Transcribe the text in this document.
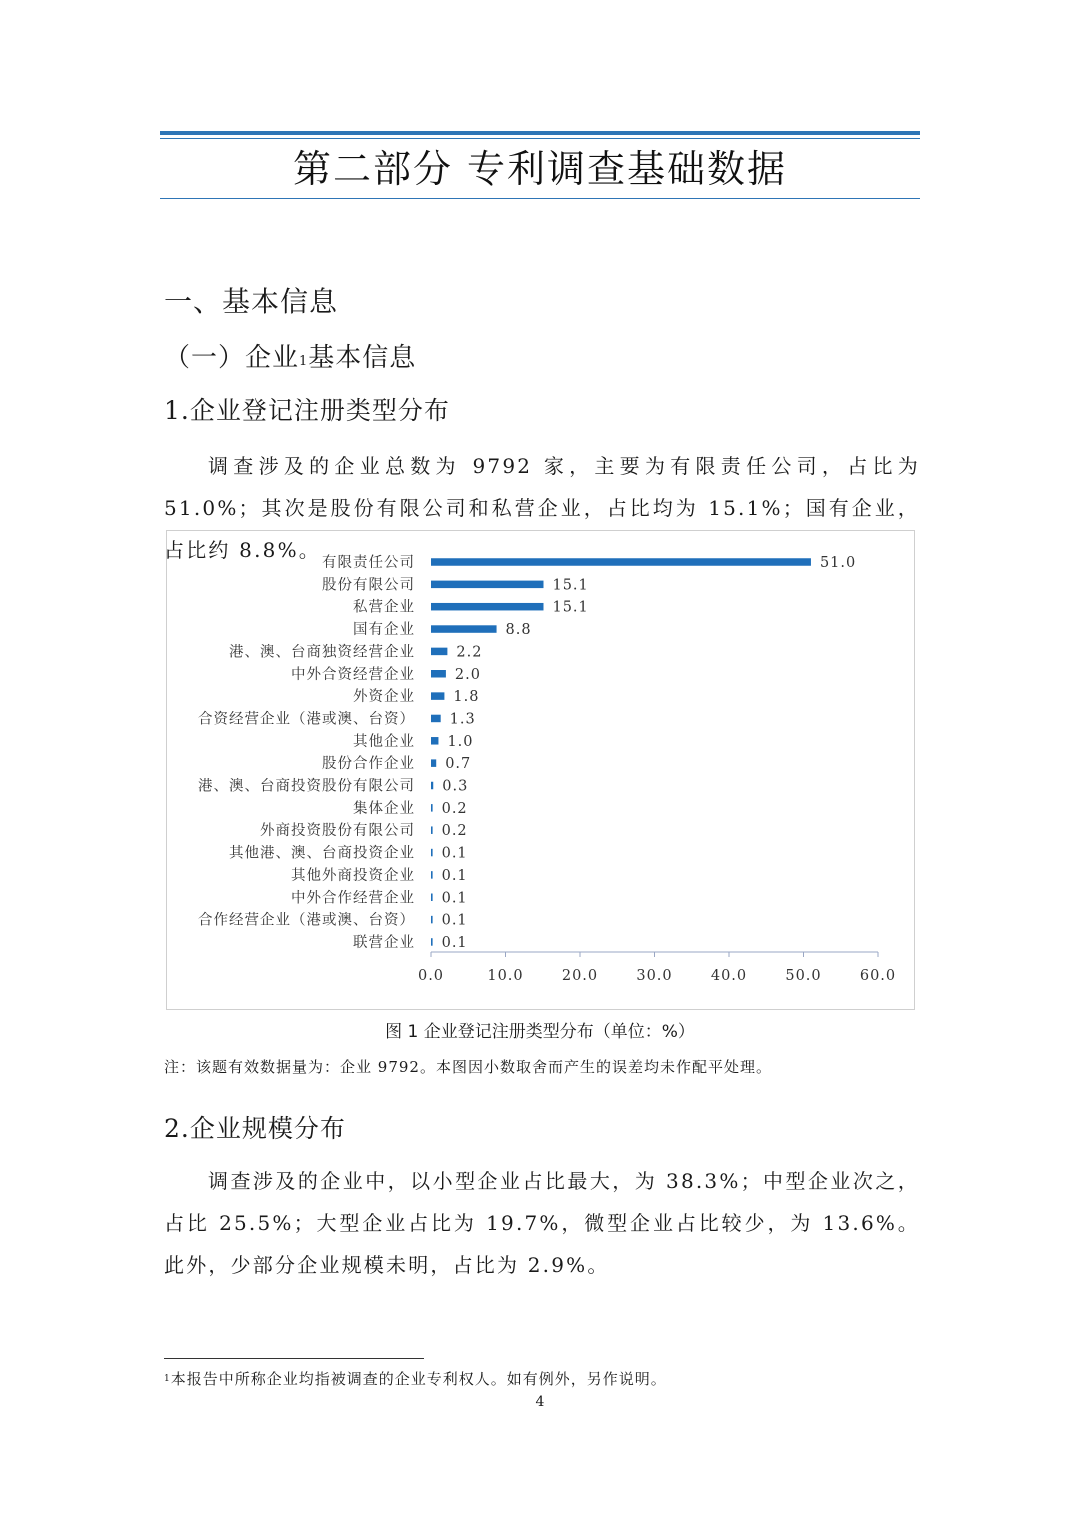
第二部分 专利调查基础数据
一、基本信息
（一）企业$^1$基本信息
1.企业登记注册类型分布
调查涉及的企业总数为 9792 家，主要为有限责任公司，占比为 51.0%；其次是股份有限公司和私营企业，占比均为 15.1%；国有企业，占比约 8.8%。
有限责任公司	51.0
股份有限公司	15.1
私营企业	15.1
国有企业	8.8
港、澳、台商独资经营企业	2.2
中外合资经营企业	2.0
外资企业	1.8
合资经营企业（港或澳、台资） 1.3
其他企业 1.0
股份合作企业 0.7
港、澳、台商投资股份有限公司 0.3
集体企业 0.2
外商投资股份有限公司 0.2
其他港、澳、台商投资企业 0.1
其他外商投资企业 0.1
中外合作经营企业 0.1
合作经营企业（港或澳、台资） 0.1
联营企业 0.1
0.0	10.0	20.0	30.0	40.0	50.0	60.0
图 1 企业登记注册类型分布（单位：%）
注：该题有效数据量为：企业 9792。本图因小数取舍而产生的误差均未作配平处理。
2.企业规模分布
调查涉及的企业中，以小型企业占比最大，为 38.3%；中型企业次之，占比 25.5%；大型企业占比为 19.7%，微型企业占比较少，为 13.6%。此外，少部分企业规模未明，占比为 2.9%。
$^1$本报告中所称企业均指被调查的企业专利权人。如有例外，另作说明。
4
